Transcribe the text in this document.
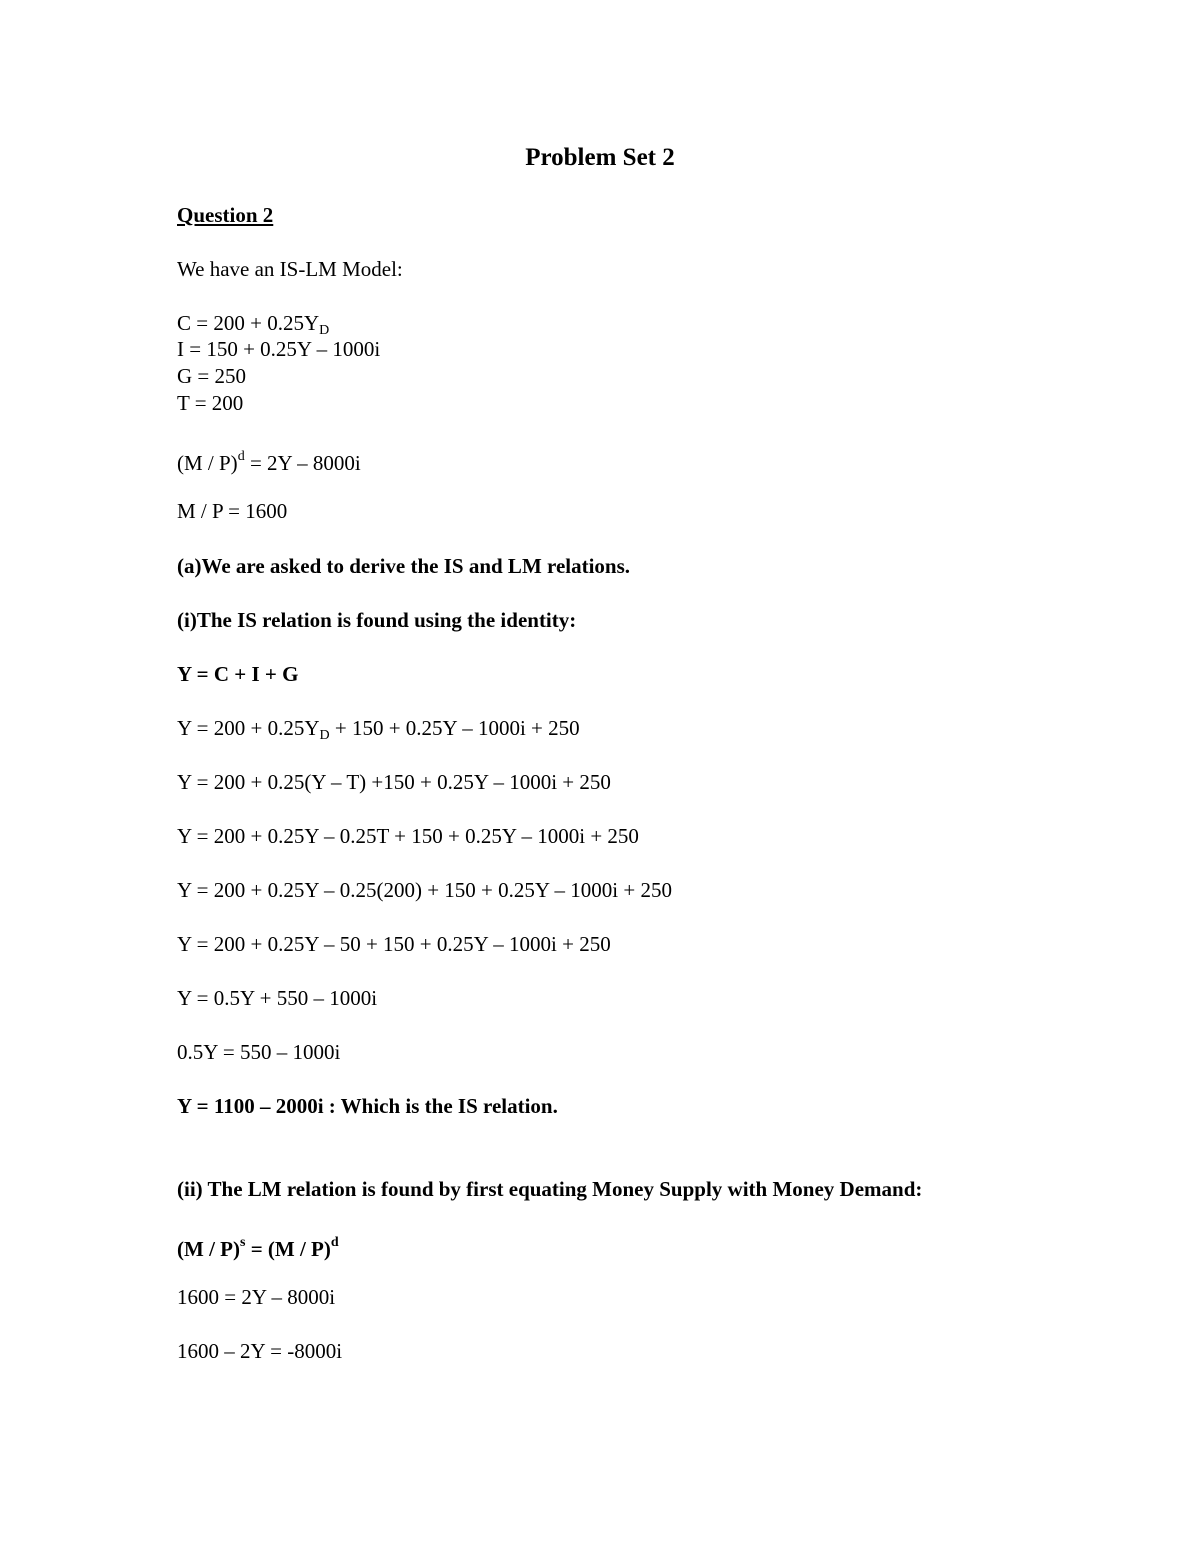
Problem Set 2
Question 2
We have an IS-LM Model:
C = 200 + 0.25YD
I = 150 + 0.25Y – 1000i
G = 250
T = 200
(M / P)$^d$ = 2Y – 8000i
M / P = 1600
(a)We are asked to derive the IS and LM relations.
(i)The IS relation is found using the identity:
Y = C + I + G
Y = 200 + 0.25YD + 150 + 0.25Y – 1000i + 250
Y = 200 + 0.25(Y – T) +150 + 0.25Y – 1000i + 250
Y = 200 + 0.25Y – 0.25T + 150 + 0.25Y – 1000i + 250
Y = 200 + 0.25Y – 0.25(200) + 150 + 0.25Y – 1000i + 250
Y = 200 + 0.25Y – 50 + 150 + 0.25Y – 1000i + 250
Y = 0.5Y + 550 – 1000i
0.5Y = 550 – 1000i
Y = 1100 – 2000i : Which is the IS relation.
(ii) The LM relation is found by first equating Money Supply with Money Demand:
(M / P)$^s$ = (M / P)$^d$
1600 = 2Y – 8000i
1600 – 2Y = -8000i
